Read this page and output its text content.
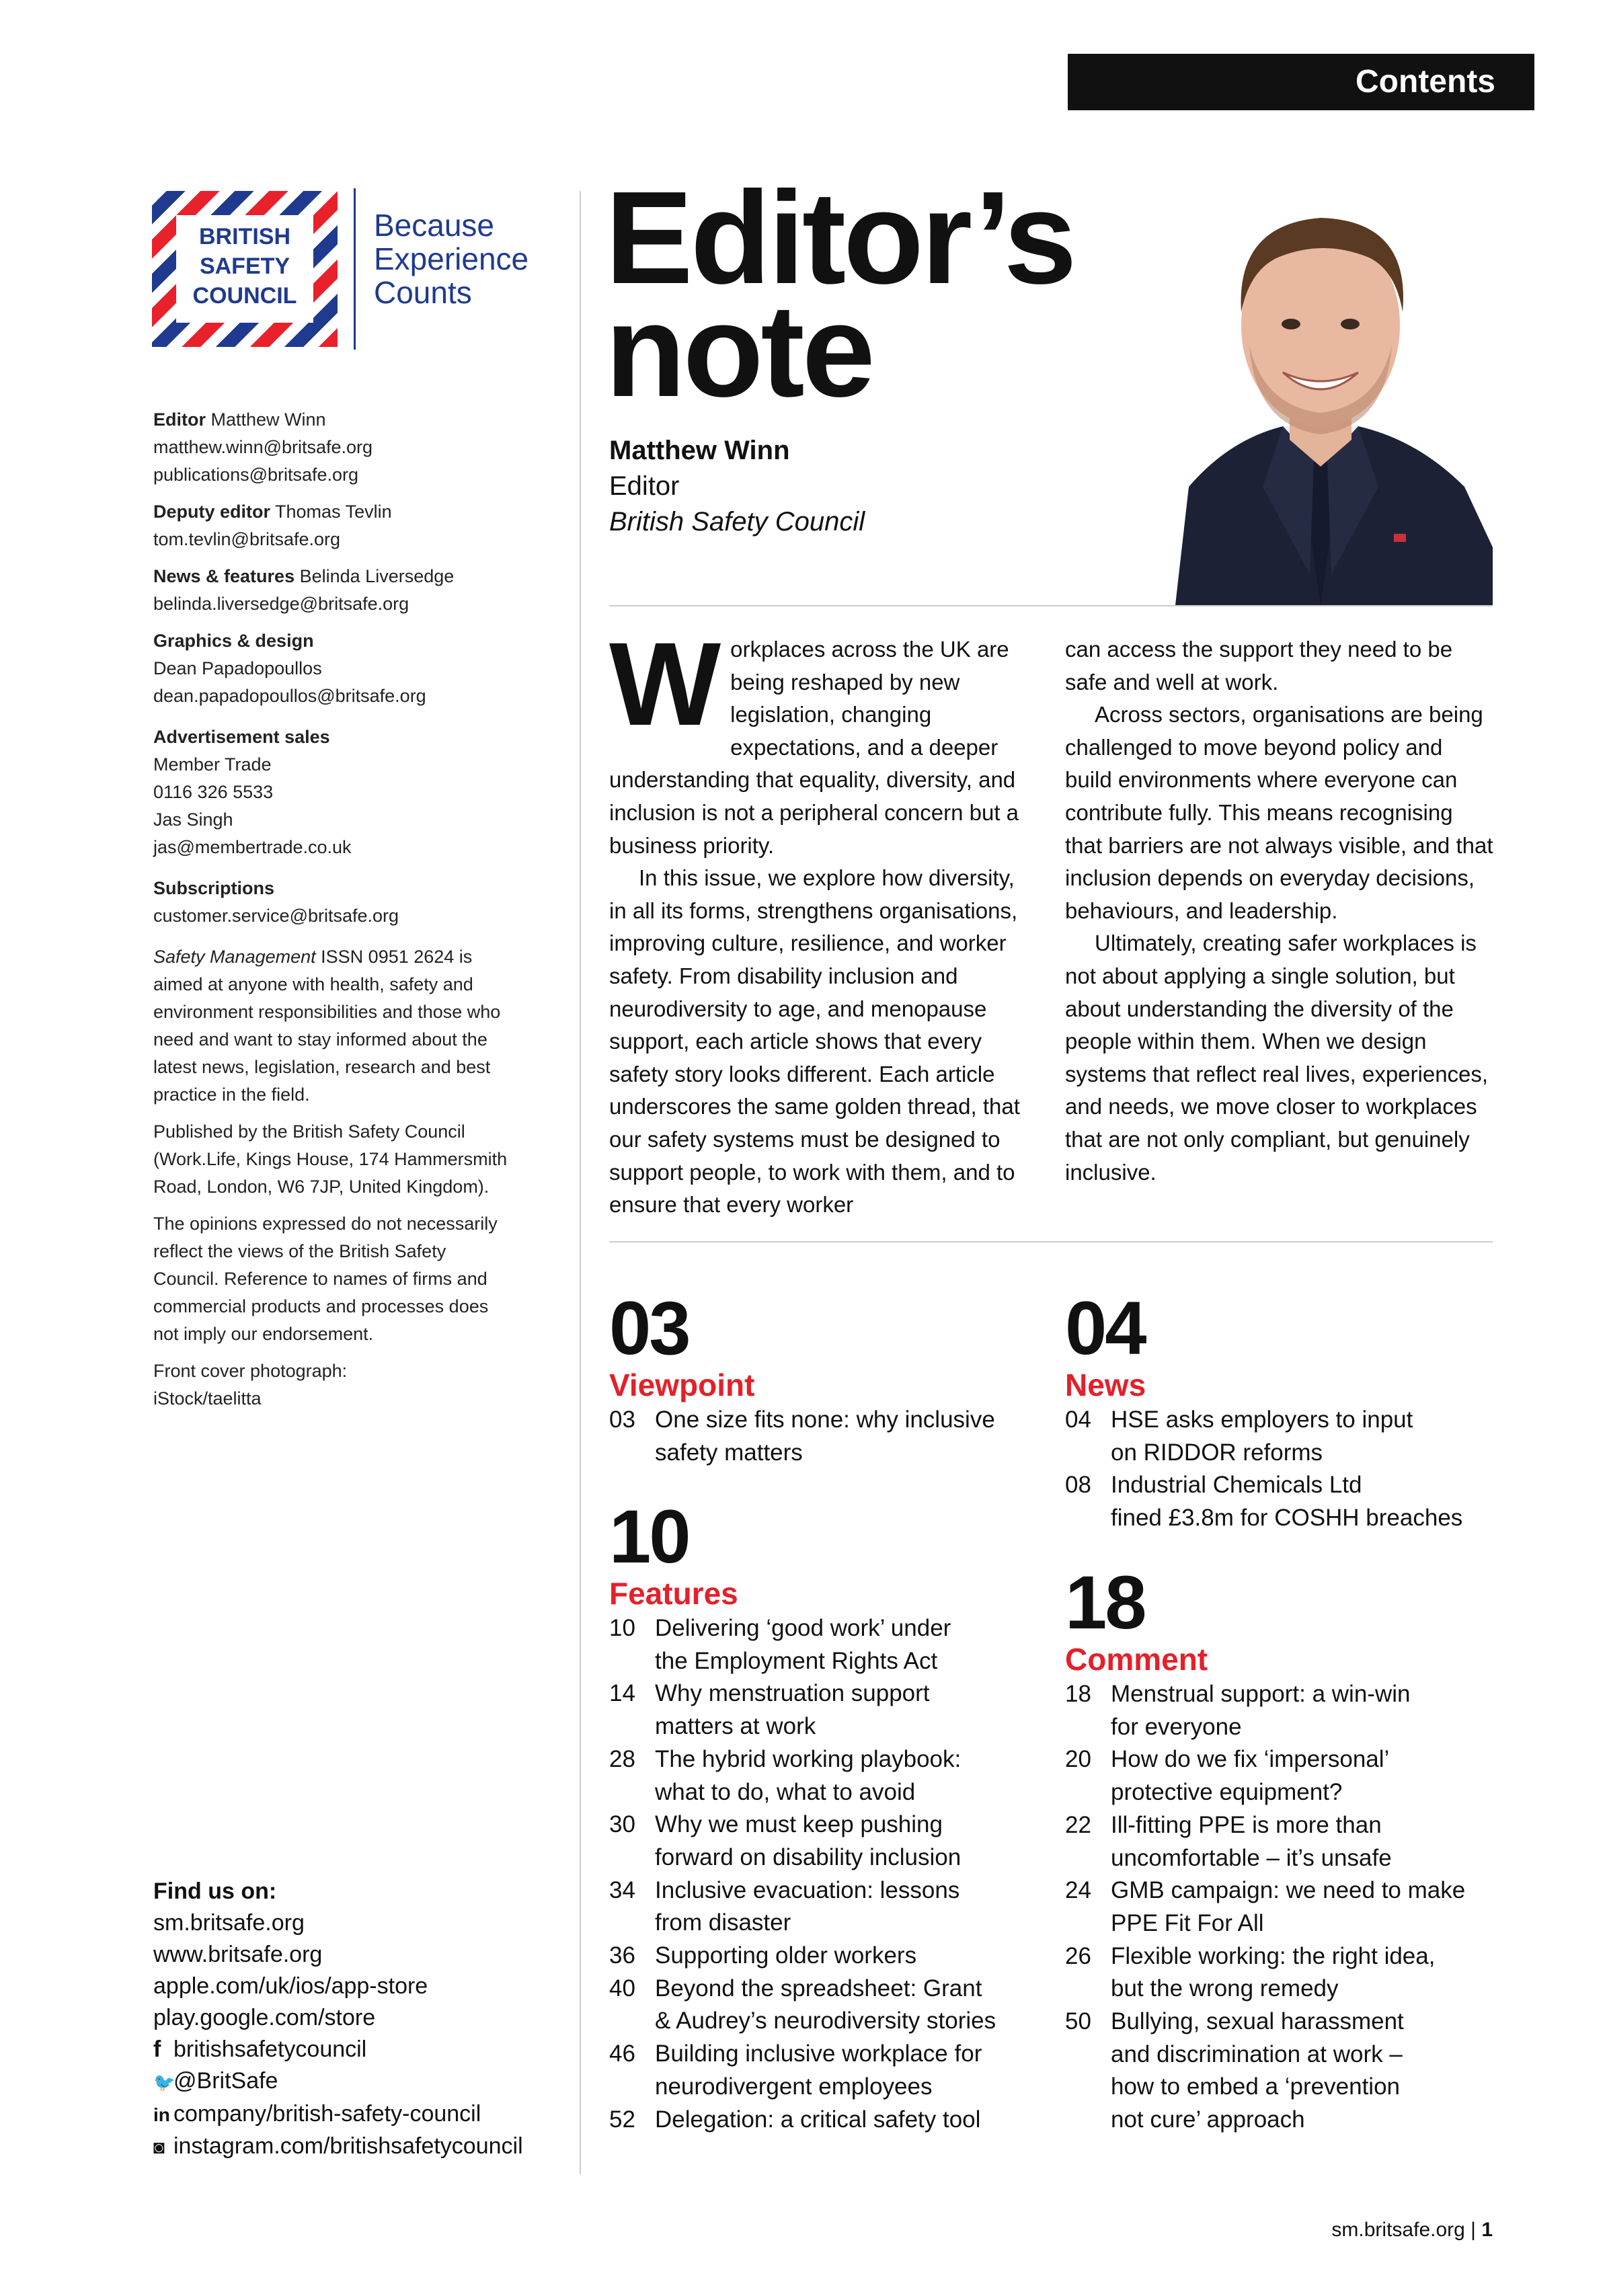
Contents
BRITISH
SAFETY
COUNCIL
Because
Experience
Counts

Editor Matthew Winn
matthew.winn@britsafe.org
publications@britsafe.org

Deputy editor Thomas Tevlin
tom.tevlin@britsafe.org

News & features Belinda Liversedge
belinda.liversedge@britsafe.org

Graphics & design
Dean Papadopoullos
dean.papadopoullos@britsafe.org

Advertisement sales
Member Trade
0116 326 5533
Jas Singh
jas@membertrade.co.uk

Subscriptions
customer.service@britsafe.org

Safety Management ISSN 0951 2624 is aimed at anyone with health, safety and environment responsibilities and those who need and want to stay informed about the latest news, legislation, research and best practice in the field.

Published by the British Safety Council (Work.Life, Kings House, 174 Hammersmith Road, London, W6 7JP, United Kingdom).

The opinions expressed do not necessarily reflect the views of the British Safety Council. Reference to names of firms and commercial products and processes does not imply our endorsement.

Front cover photograph:
iStock/taelitta

Find us on:
sm.britsafe.org
www.britsafe.org
apple.com/uk/ios/app-store
play.google.com/store
f britishsafetycouncil
🐦@BritSafe
in company/british-safety-council
◙ instagram.com/britishsafetycouncil
Editor’s
note
Matthew Winn
Editor
British Safety Council

Workplaces across the UK are being reshaped by new legislation, changing expectations, and a deeper understanding that equality, diversity, and inclusion is not a peripheral concern but a business priority.

In this issue, we explore how diversity, in all its forms, strengthens organisations, improving culture, resilience, and worker safety. From disability inclusion and neurodiversity to age, and menopause support, each article shows that every safety story looks different. Each article underscores the same golden thread, that our safety systems must be designed to support people, to work with them, and to ensure that every worker

can access the support they need to be safe and well at work.

Across sectors, organisations are being challenged to move beyond policy and build environments where everyone can contribute fully. This means recognising that barriers are not always visible, and that inclusion depends on everyday decisions, behaviours, and leadership.

Ultimately, creating safer workplaces is not about applying a single solution, but about understanding the diversity of the people within them. When we design systems that reflect real lives, experiences, and needs, we move closer to workplaces that are not only compliant, but genuinely inclusive.

03
Viewpoint
03 One size fits none: why inclusive
safety matters
10
Features
10 Delivering ‘good work’ under
the Employment Rights Act
14 Why menstruation support
matters at work
28 The hybrid working playbook:
what to do, what to avoid
30 Why we must keep pushing
forward on disability inclusion
34 Inclusive evacuation: lessons
from disaster
36 Supporting older workers
40 Beyond the spreadsheet: Grant
& Audrey’s neurodiversity stories
46 Building inclusive workplace for
neurodivergent employees
52 Delegation: a critical safety tool
04
News
04 HSE asks employers to input
on RIDDOR reforms
08 Industrial Chemicals Ltd
fined £3.8m for COSHH breaches
18
Comment
18 Menstrual support: a win-win
for everyone
20 How do we fix ‘impersonal’
protective equipment?
22 Ill-fitting PPE is more than
uncomfortable – it’s unsafe
24 GMB campaign: we need to make
PPE Fit For All
26 Flexible working: the right idea,
but the wrong remedy
50 Bullying, sexual harassment
and discrimination at work –
how to embed a ‘prevention
not cure’ approach
sm.britsafe.org | 1
